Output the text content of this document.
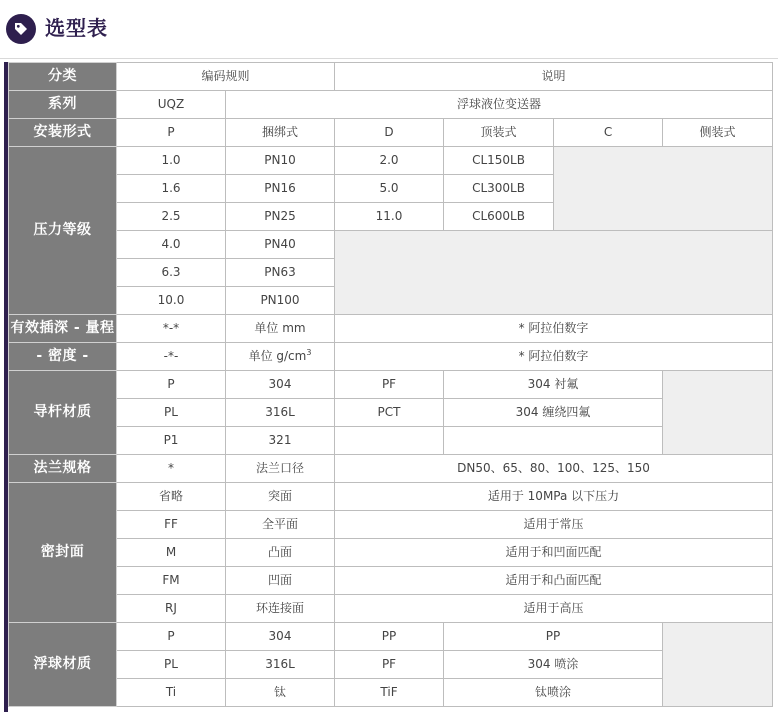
选型表
分类	编码规则		说明			
系列	UQZ	浮球液位变送器				
安装形式	P	捆绑式	D	顶装式	C	侧装式
压力等级	1.0	PN10	2.0	CL150LB		
	1.6	PN16	5.0	CL300LB		
	2.5	PN25	11.0	CL600LB		
	4.0	PN40				
	6.3	PN63				
	10.0	PN100				
有效插深 - 量程	*-*	单位 mm	* 阿拉伯数字			
- 密度 -	-*-	单位 $g/cm^3$	* 阿拉伯数字			
导杆材质	P	304	PF	304 衬氟		
	PL	316L	PCT	304 缠绕四氟		
	P1	321				
法兰规格	*	法兰口径	DN50、65、80、100、125、150			
密封面	省略	突面	适用于 10MPa 以下压力			
	FF	全平面	适用于常压			
	M	凸面	适用于和凹面匹配			
	FM	凹面	适用于和凸面匹配			
	RJ	环连接面	适用于高压			
浮球材质	P	304	PP	PP		
	PL	316L	PF	304 喷涂		
	Ti	钛	TiF	钛喷涂		
